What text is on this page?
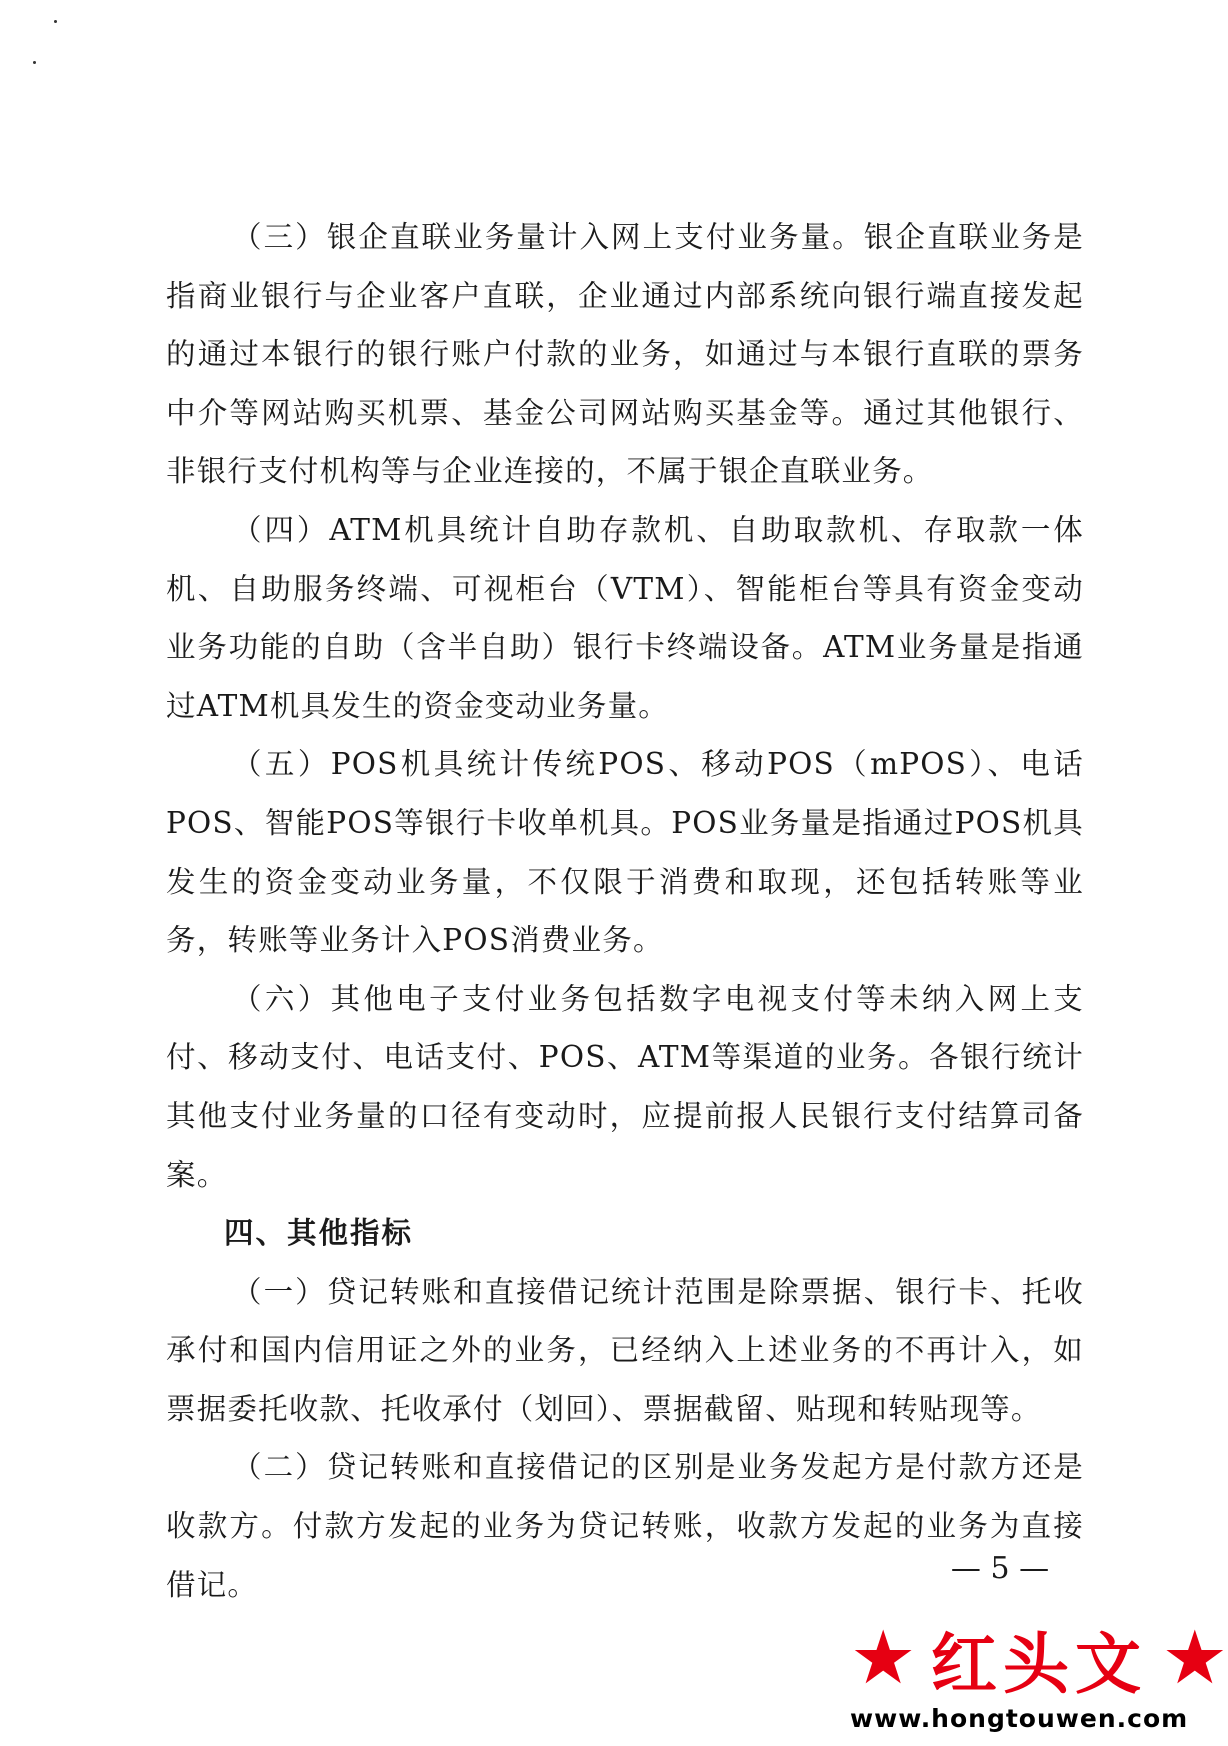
（三）银企直联业务量计入网上支付业务量。银企直联业务是指商业银行与企业客户直联，企业通过内部系统向银行端直接发起的通过本银行的银行账户付款的业务，如通过与本银行直联的票务中介等网站购买机票、基金公司网站购买基金等。通过其他银行、非银行支付机构等与企业连接的，不属于银企直联业务。

（四）ATM机具统计自助存款机、自助取款机、存取款一体机、自助服务终端、可视柜台（VTM）、智能柜台等具有资金变动业务功能的自助（含半自助）银行卡终端设备。ATM业务量是指通过ATM机具发生的资金变动业务量。

（五）POS机具统计传统POS、移动POS（mPOS）、电话POS、智能POS等银行卡收单机具。POS业务量是指通过POS机具发生的资金变动业务量，不仅限于消费和取现，还包括转账等业务，转账等业务计入POS消费业务。

（六）其他电子支付业务包括数字电视支付等未纳入网上支付、移动支付、电话支付、POS、ATM等渠道的业务。各银行统计其他支付业务量的口径有变动时，应提前报人民银行支付结算司备案。

四、其他指标

（一）贷记转账和直接借记统计范围是除票据、银行卡、托收承付和国内信用证之外的业务，已经纳入上述业务的不再计入，如票据委托收款、托收承付（划回）、票据截留、贴现和转贴现等。

（二）贷记转账和直接借记的区别是业务发起方是付款方还是收款方。付款方发起的业务为贷记转账，收款方发起的业务为直接借记。	— 5 —
★ 红头文 ★
www.hongtouwen.com
